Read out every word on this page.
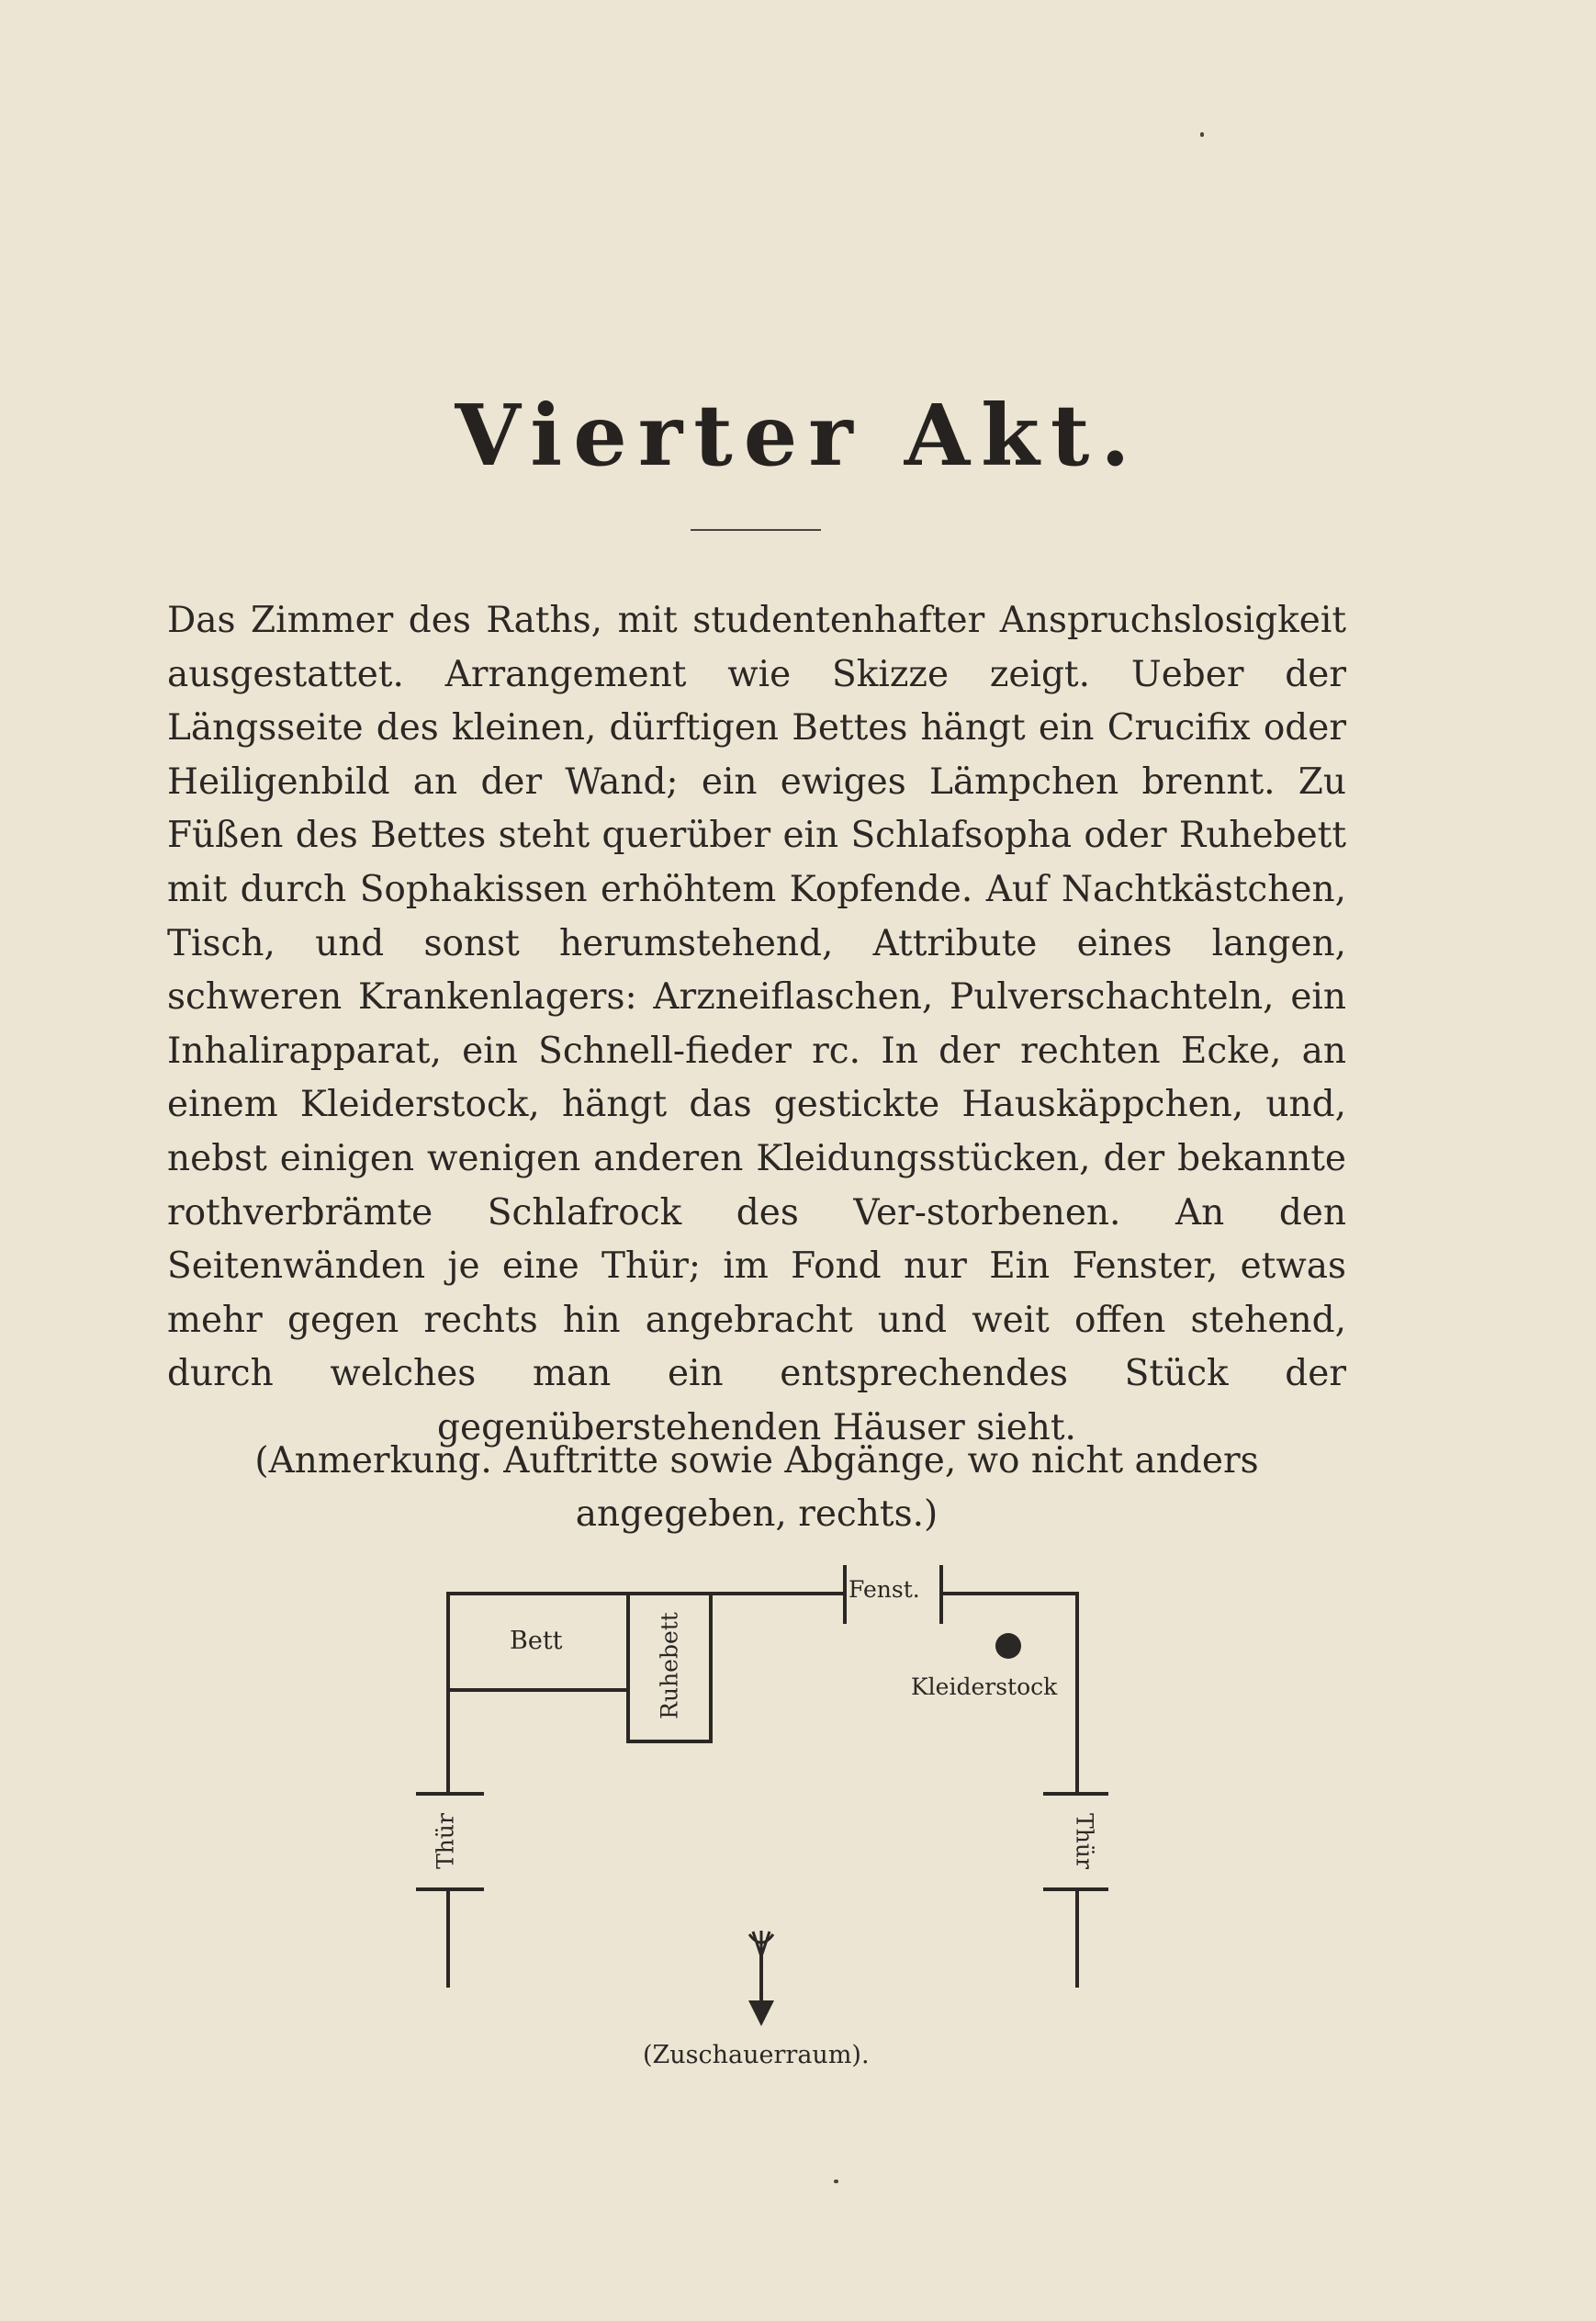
Vierter Akt.
Das Zimmer des Raths, mit studentenhafter Anspruchslosigkeit ausgestattet. Arrangement wie Skizze zeigt. Ueber der Längsseite des kleinen, dürftigen Bettes hängt ein Crucifix oder Heiligenbild an der Wand; ein ewiges Lämpchen brennt. Zu Füßen des Bettes steht querüber ein Schlafsopha oder Ruhebett mit durch Sophakissen erhöhtem Kopfende. Auf Nachtkästchen, Tisch, und sonst herumstehend, Attribute eines langen, schweren Krankenlagers: Arzneiflaschen, Pulverschachteln, ein Inhalirapparat, ein Schnell-fieder rc. In der rechten Ecke, an einem Kleiderstock, hängt das gestickte Hauskäppchen, und, nebst einigen wenigen anderen Kleidungsstücken, der bekannte rothverbrämte Schlafrock des Ver-storbenen. An den Seitenwänden je eine Thür; im Fond nur Ein Fenster, etwas mehr gegen rechts hin angebracht und weit offen stehend, durch welches man ein entsprechendes Stück der gegenüberstehenden Häuser sieht.
(Anmerkung. Auftritte sowie Abgänge, wo nicht anders angegeben, rechts.)
Bett
Fenst.
Kleiderstock
(Zuschauerraum).
Ruhebett
Thür	Thür
